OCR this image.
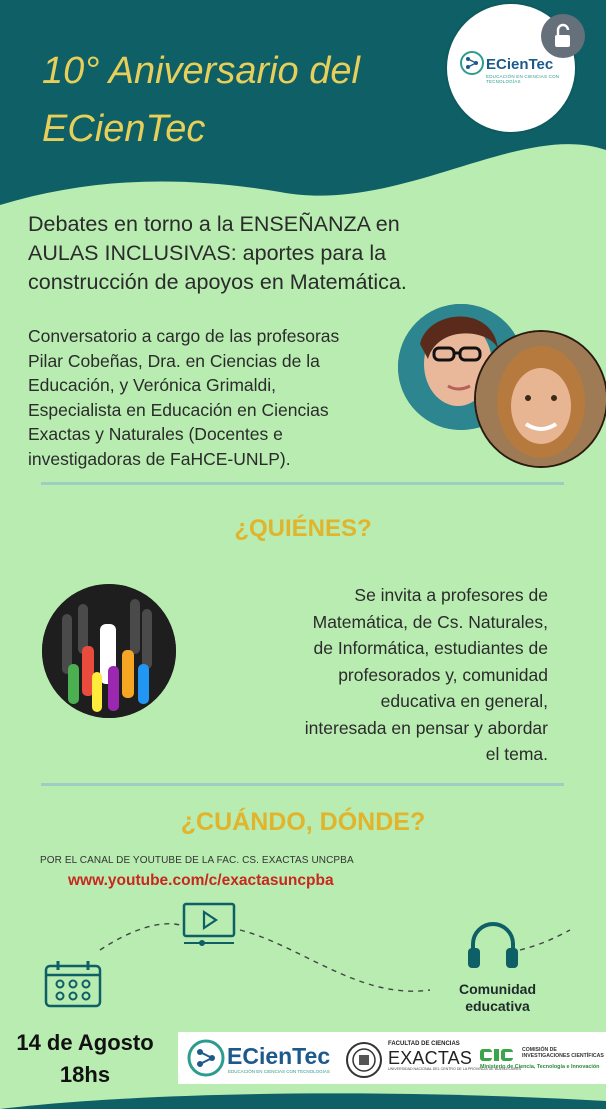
10° Aniversario del
ECienTec
ECienTec
EDUCACIÓN EN CIENCIAS CON TECNOLOGÍAS
Debates en torno a la ENSEÑANZA en
AULAS INCLUSIVAS: aportes para la
construcción de apoyos en Matemática.
Conversatorio a cargo de las profesoras
Pilar Cobeñas, Dra. en Ciencias de la
Educación, y Verónica Grimaldi,
Especialista en Educación en Ciencias
Exactas y Naturales (Docentes e
investigadoras de FaHCE-UNLP).
¿QUIÉNES?
Se invita a profesores de
Matemática, de Cs. Naturales,
de Informática, estudiantes de
profesorados y, comunidad
educativa en general,
interesada en pensar y abordar
el tema.
¿CUÁNDO, DÓNDE?
POR EL CANAL DE YOUTUBE DE LA FAC. CS. EXACTAS UNCPBA
www.youtube.com/c/exactasuncpba
Comunidad
educativa
14 de Agosto
18hs
ECienTec
EDUCACIÓN EN CIENCIAS CON TECNOLOGÍAS
FACULTAD DE CIENCIAS
EXACTAS
UNIVERSIDAD NACIONAL DEL CENTRO DE LA PROVINCIA DE BUENOS AIRES
COMISIÓN DE
INVESTIGACIONES CIENTÍFICAS
Ministerio de Ciencia, Tecnología e Innovación
